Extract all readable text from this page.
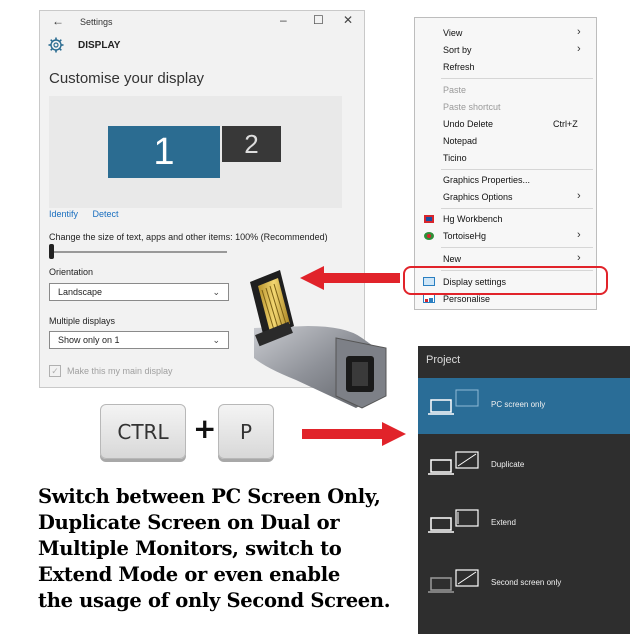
← Settings	– ☐ ✕
DISPLAY
Customise your display
1	2
Identify Detect
Change the size of text, apps and other items: 100% (Recommended)
Orientation
Landscape	⌄
Multiple displays
Show only on 1	⌄
✓ Make this my main display
View	›
Sort by	›
Refresh
Paste
Paste shortcut
Undo Delete	Ctrl+Z
Notepad
Ticino
Graphics Properties...
Graphics Options	›
Hg Workbench
TortoiseHg	›
New	›
Display settings
Personalise
CTRL +	P
Project
PC screen only
Duplicate
Extend
Second screen only
Switch between PC Screen Only,
Duplicate Screen on Dual or
Multiple Monitors, switch to
Extend Mode or even enable
the usage of only Second Screen.
